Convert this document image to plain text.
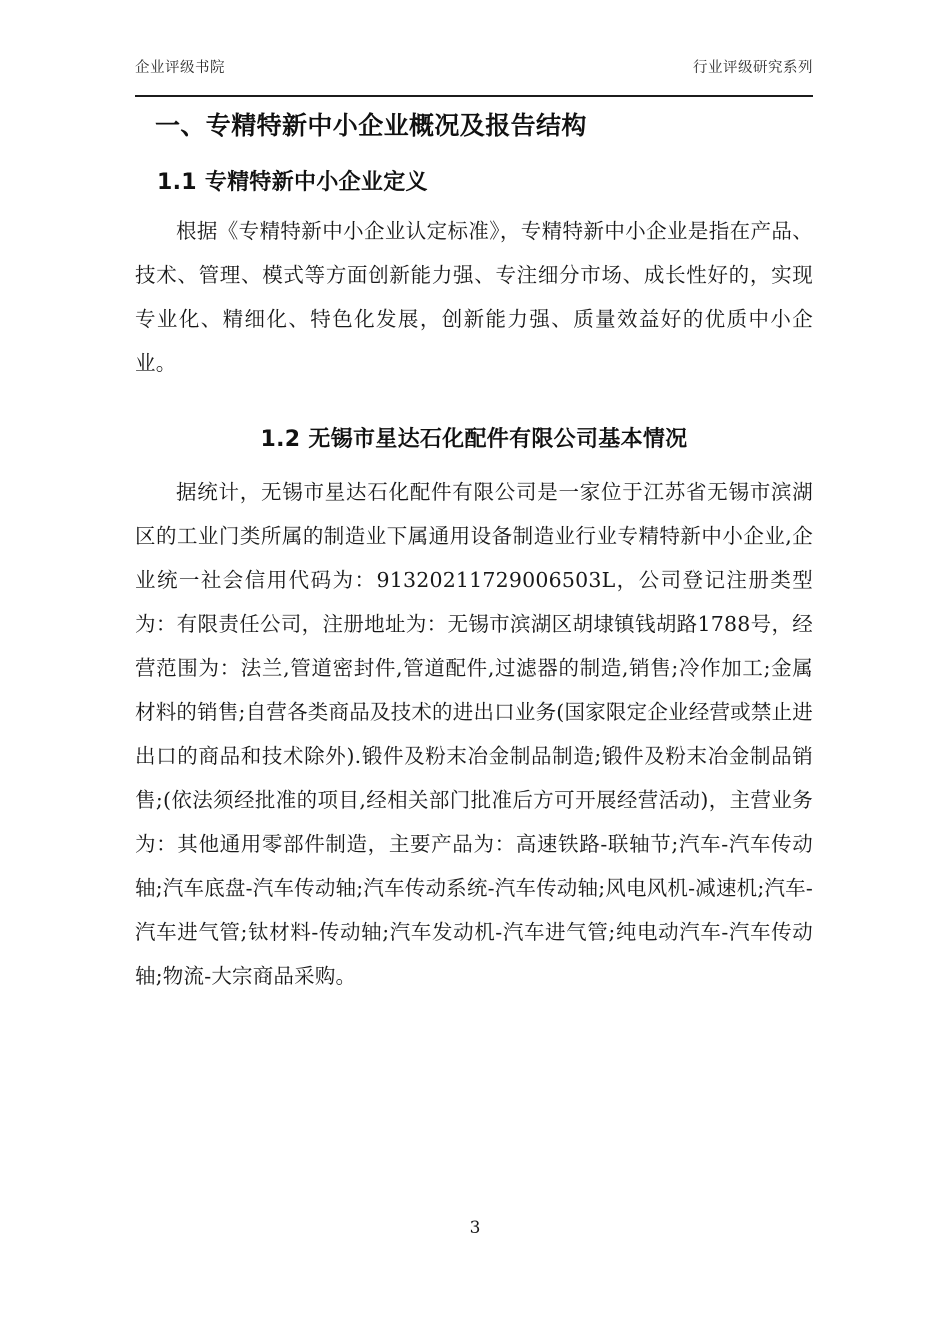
企业评级书院	行业评级研究系列
一、专精特新中小企业概况及报告结构
1.1 专精特新中小企业定义

根据《专精特新中小企业认定标准》，专精特新中小企业是指在产品、技术、管理、模式等方面创新能力强、专注细分市场、成长性好的，实现专业化、精细化、特色化发展，创新能力强、质量效益好的优质中小企业。

1.2 无锡市星达石化配件有限公司基本情况

据统计，无锡市星达石化配件有限公司是一家位于江苏省无锡市滨湖区的工业门类所属的制造业下属通用设备制造业行业专精特新中小企业,企业统一社会信用代码为：91320211729006503L，公司登记注册类型为：有限责任公司，注册地址为：无锡市滨湖区胡埭镇钱胡路1788号，经营范围为：法兰,管道密封件,管道配件,过滤器的制造,销售;冷作加工;金属材料的销售;自营各类商品及技术的进出口业务(国家限定企业经营或禁止进出口的商品和技术除外).锻件及粉末冶金制品制造;锻件及粉末冶金制品销售;(依法须经批准的项目,经相关部门批准后方可开展经营活动)，主营业务为：其他通用零部件制造，主要产品为：高速铁路-联轴节;汽车-汽车传动轴;汽车底盘-汽车传动轴;汽车传动系统-汽车传动轴;风电风机-减速机;汽车-汽车进气管;钛材料-传动轴;汽车发动机-汽车进气管;纯电动汽车-汽车传动轴;物流-大宗商品采购。

3
